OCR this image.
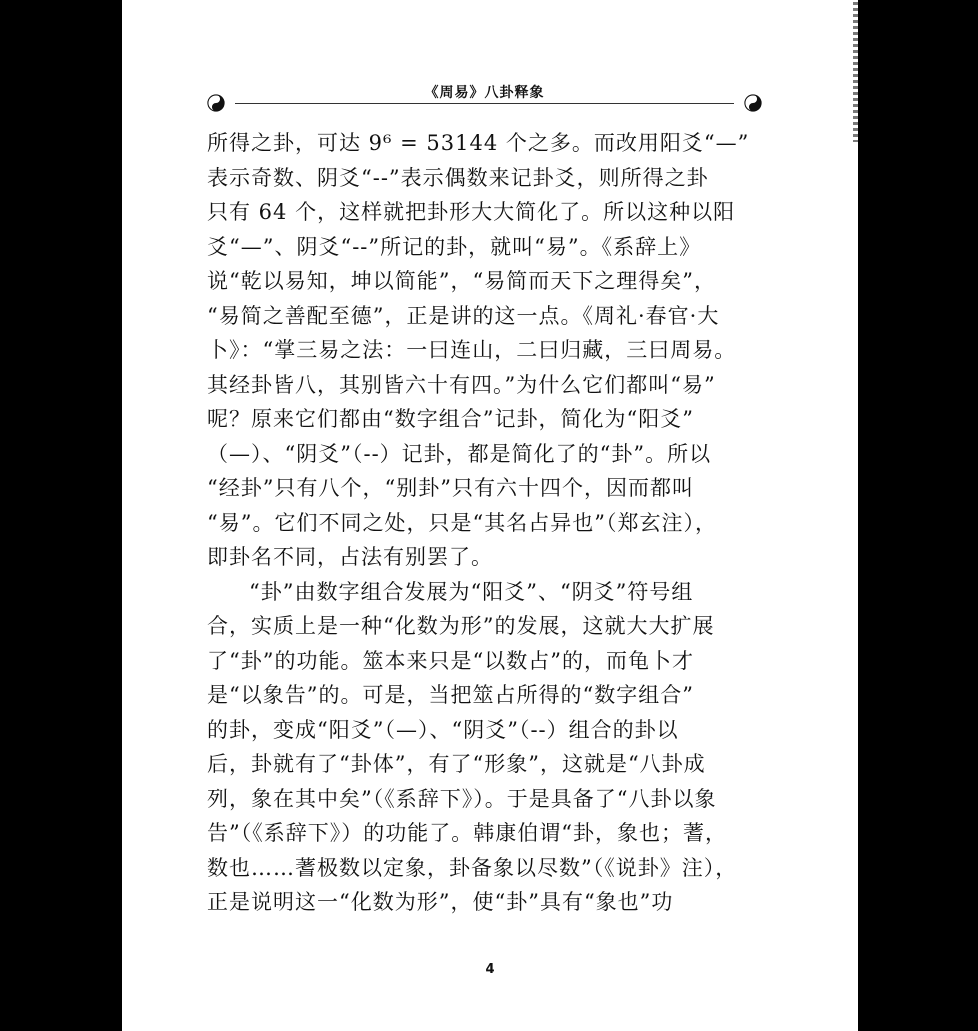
《周易》八卦释象
所得之卦，可达 9⁶ = 53144 个之多。而改用阳爻“—”
表示奇数、阴爻“--”表示偶数来记卦爻，则所得之卦
只有 64 个，这样就把卦形大大简化了。所以这种以阳
爻“—”、阴爻“--”所记的卦，就叫“易”。《系辞上》
说“乾以易知，坤以简能”，“易简而天下之理得矣”，
“易简之善配至德”，正是讲的这一点。《周礼·春官·大
卜》：“掌三易之法：一曰连山，二曰归藏，三曰周易。
其经卦皆八，其别皆六十有四。”为什么它们都叫“易”
呢？原来它们都由“数字组合”记卦，简化为“阳爻”
（—）、“阴爻”（--）记卦，都是简化了的“卦”。所以
“经卦”只有八个，“别卦”只有六十四个，因而都叫
“易”。它们不同之处，只是“其名占异也”（郑玄注），
即卦名不同，占法有别罢了。
“卦”由数字组合发展为“阳爻”、“阴爻”符号组
合，实质上是一种“化数为形”的发展，这就大大扩展
了“卦”的功能。筮本来只是“以数占”的，而龟卜才
是“以象告”的。可是，当把筮占所得的“数字组合”
的卦，变成“阳爻”（—）、“阴爻”（--）组合的卦以
后，卦就有了“卦体”，有了“形象”，这就是“八卦成
列，象在其中矣”（《系辞下》）。于是具备了“八卦以象
告”（《系辞下》）的功能了。韩康伯谓“卦，象也；蓍，
数也……蓍极数以定象，卦备象以尽数”（《说卦》注），
正是说明这一“化数为形”，使“卦”具有“象也”功
4
